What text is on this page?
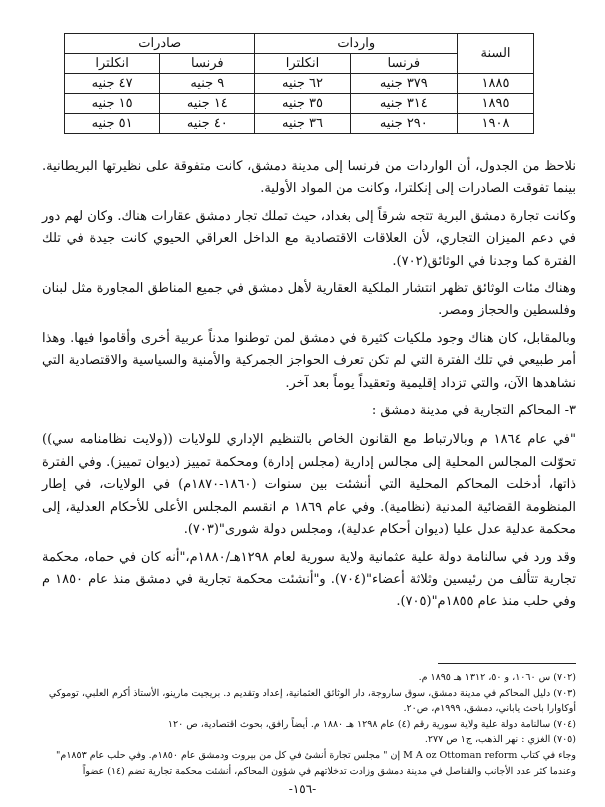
السنة	واردات		صادرات	
	فرنسا	انكلترا	فرنسا	انكلترا
١٨٨٥	٣٧٩ جنيه	٦٢ جنيه	٩ جنيه	٤٧ جنيه
١٨٩٥	٣١٤ جنيه	٣٥ جنيه	١٤ جنيه	١٥ جنيه
١٩٠٨	٢٩٠ جنيه	٣٦ جنيه	٤٠ جنيه	٥١ جنيه

نلاحظ من الجدول، أن الواردات من فرنسا إلى مدينة دمشق، كانت متفوقة على نظيرتها البريطانية. بينما تفوقت الصادرات إلى إنكلترا، وكانت من المواد الأولية.

وكانت تجارة دمشق البرية تتجه شرقاً إلى بغداد، حيث تملك تجار دمشق عقارات هناك. وكان لهم دور في دعم الميزان التجاري، لأن العلاقات الاقتصادية مع الداخل العراقي الحيوي كانت جيدة في تلك الفترة كما وجدنا في الوثائق(٧٠٢).

وهناك مئات الوثائق تظهر انتشار الملكية العقارية لأهل دمشق في جميع المناطق المجاورة مثل لبنان وفلسطين والحجاز ومصر.

وبالمقابل، كان هناك وجود ملكيات كثيرة في دمشق لمن توطنوا مدناً عربية أخرى وأقاموا فيها. وهذا أمر طبيعي في تلك الفترة التي لم تكن تعرف الحواجز الجمركية والأمنية والسياسية والاقتصادية التي نشاهدها الآن، والتي تزداد إقليمية وتعقيداً يوماً بعد آخر.

٣- المحاكم التجارية في مدينة دمشق :

"في عام ١٨٦٤ م وبالارتباط مع القانون الخاص بالتنظيم الإداري للولايات ((ولايت نظامنامه سي)) تحوّلت المجالس المحلية إلى مجالس إدارية (مجلس إدارة) ومحكمة تمييز (ديوان تمييز). وفي الفترة ذاتها، أدخلت المحاكم المحلية التي أنشئت بين سنوات (١٨٦٠-١٨٧٠م) في الولايات، في إطار المنظومة القضائية المدنية (نظامية). وفي عام ١٨٦٩ م انقسم المجلس الأعلى للأحكام العدلية، إلى محكمة عدلية عدل عليا (ديوان أحكام عدلية)، ومجلس دولة شورى"(٧٠٣).

وقد ورد في سالنامة دولة علية عثمانية ولاية سورية لعام ١٢٩٨هـ/١٨٨٠م،"أنه كان في حماه، محكمة تجارية تتألف من رئيسين وثلاثة أعضاء"(٧٠٤). و"أنشئت محكمة تجارية في دمشق منذ عام ١٨٥٠ م وفي حلب منذ عام ١٨٥٥م"(٧٠٥).

(٧٠٢) س ١٠٦٠، و ٥٠، ١٣١٢ هـ ١٨٩٥ م.
(٧٠٣) دليل المحاكم في مدينة دمشق، سوق ساروجة، دار الوثائق العثمانية، إعداد وتقديم د. بريجيت مارينو، الأستاذ أكرم العلبي، توموكي
أوكاوارا باحث ياباني، دمشق، ١٩٩٩م، ص٢٠.
(٧٠٤) سالنامة دولة علية ولاية سورية رقم (٤) عام ١٢٩٨ هـ ١٨٨٠ م. أيضاً رافق، بحوث اقتصادية، ص ١٢٠
(٧٠٥) الغزي : نهر الذهب، ج١ ص ٢٧٧.
وجاء في كتاب M A oz Ottoman reform إن " مجلس تجارة أنشئ في كل من بيروت ودمشق عام ١٨٥٠م. وفي حلب عام ١٨٥٣م"
وعندما كثر عدد الأجانب والقناصل في مدينة دمشق وزادت تدخلاتهم في شؤون المحاكم، أنشئت محكمة تجارية تضم (١٤) عضواً
-١٥٦-
